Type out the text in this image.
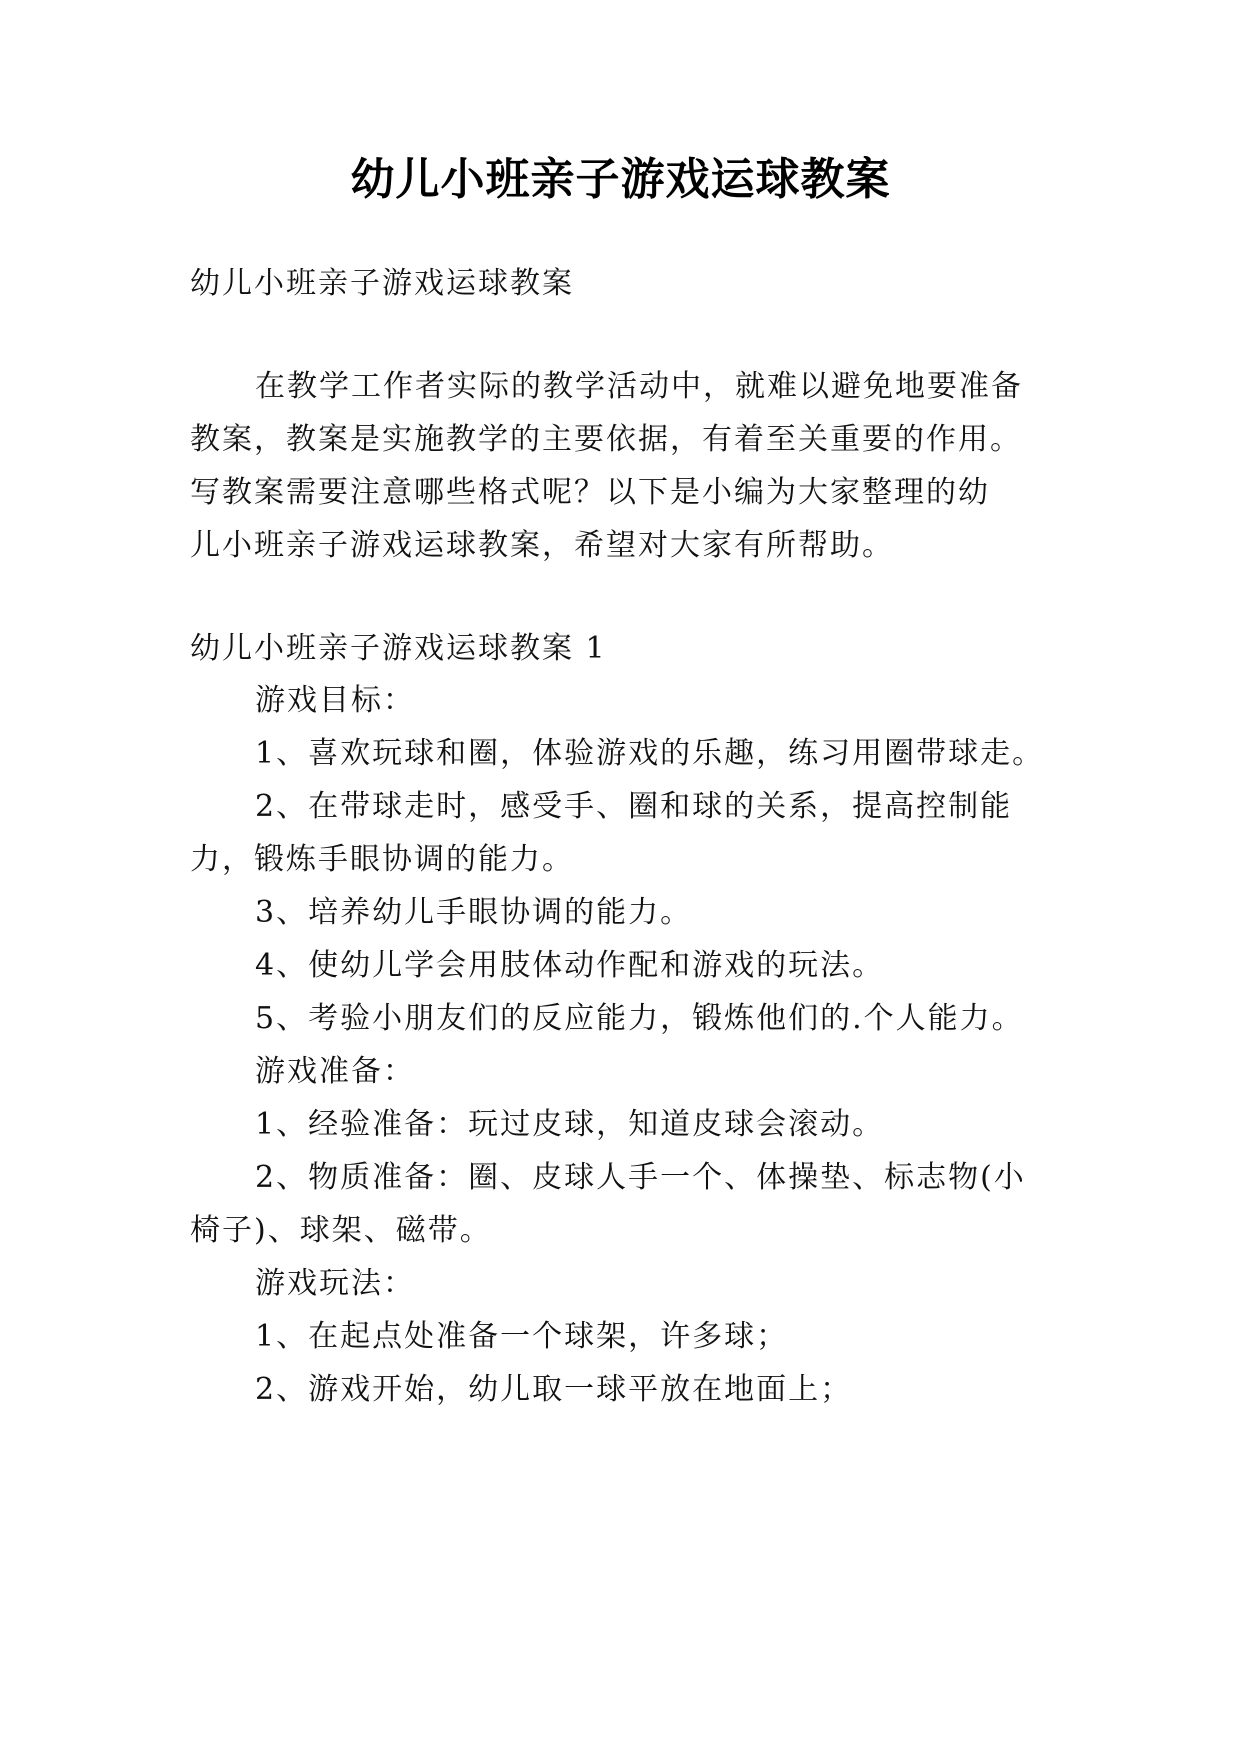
幼儿小班亲子游戏运球教案
幼儿小班亲子游戏运球教案
在教学工作者实际的教学活动中，就难以避免地要准备
教案，教案是实施教学的主要依据，有着至关重要的作用。
写教案需要注意哪些格式呢？以下是小编为大家整理的幼
儿小班亲子游戏运球教案，希望对大家有所帮助。
幼儿小班亲子游戏运球教案 1
游戏目标：
1、喜欢玩球和圈，体验游戏的乐趣，练习用圈带球走。
2、在带球走时，感受手、圈和球的关系，提高控制能
力，锻炼手眼协调的能力。
3、培养幼儿手眼协调的能力。
4、使幼儿学会用肢体动作配和游戏的玩法。
5、考验小朋友们的反应能力，锻炼他们的.个人能力。
游戏准备：
1、经验准备：玩过皮球，知道皮球会滚动。
2、物质准备：圈、皮球人手一个、体操垫、标志物(小
椅子)、球架、磁带。
游戏玩法：
1、在起点处准备一个球架，许多球；
2、游戏开始，幼儿取一球平放在地面上；
